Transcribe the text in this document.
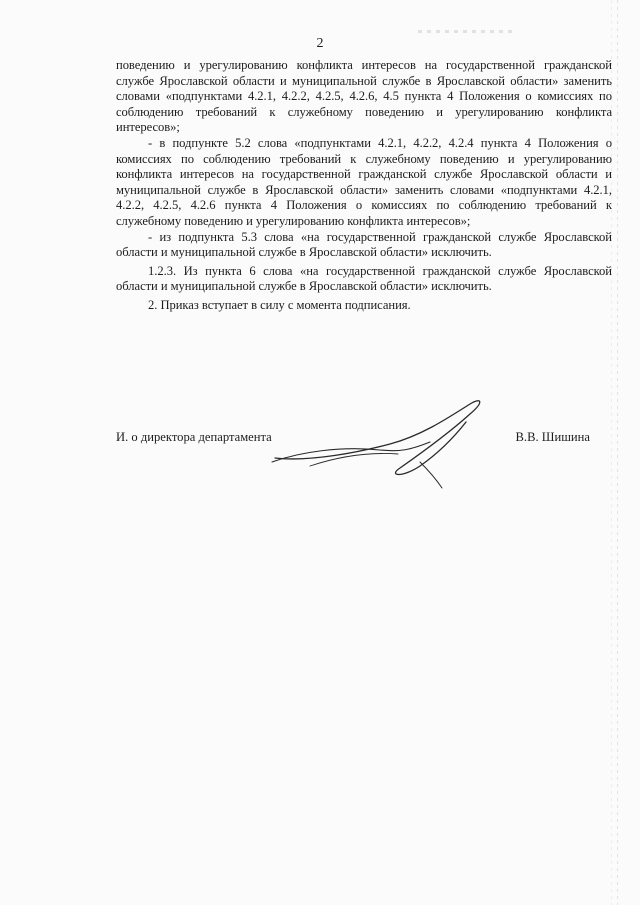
2

поведению и урегулированию конфликта интересов на государственной гражданской службе Ярославской области и муниципальной службе в Ярославской области» заменить словами «подпунктами 4.2.1, 4.2.2, 4.2.5, 4.2.6, 4.5 пункта 4 Положения о комиссиях по соблюдению требований к служебному поведению и урегулированию конфликта интересов»;

- в подпункте 5.2 слова «подпунктами 4.2.1, 4.2.2, 4.2.4 пункта 4 Положения о комиссиях по соблюдению требований к служебному поведению и урегулированию конфликта интересов на государственной гражданской службе Ярославской области и муниципальной службе в Ярославской области» заменить словами «подпунктами 4.2.1, 4.2.2, 4.2.5, 4.2.6 пункта 4 Положения о комиссиях по соблюдению требований к служебному поведению и урегулированию конфликта интересов»;

- из подпункта 5.3 слова «на государственной гражданской службе Ярославской области и муниципальной службе в Ярославской области» исключить.

1.2.3. Из пункта 6 слова «на государственной гражданской службе Ярославской области и муниципальной службе в Ярославской области» исключить.

2. Приказ вступает в силу с момента подписания.

И. о директора департамента	В.В. Шишина
